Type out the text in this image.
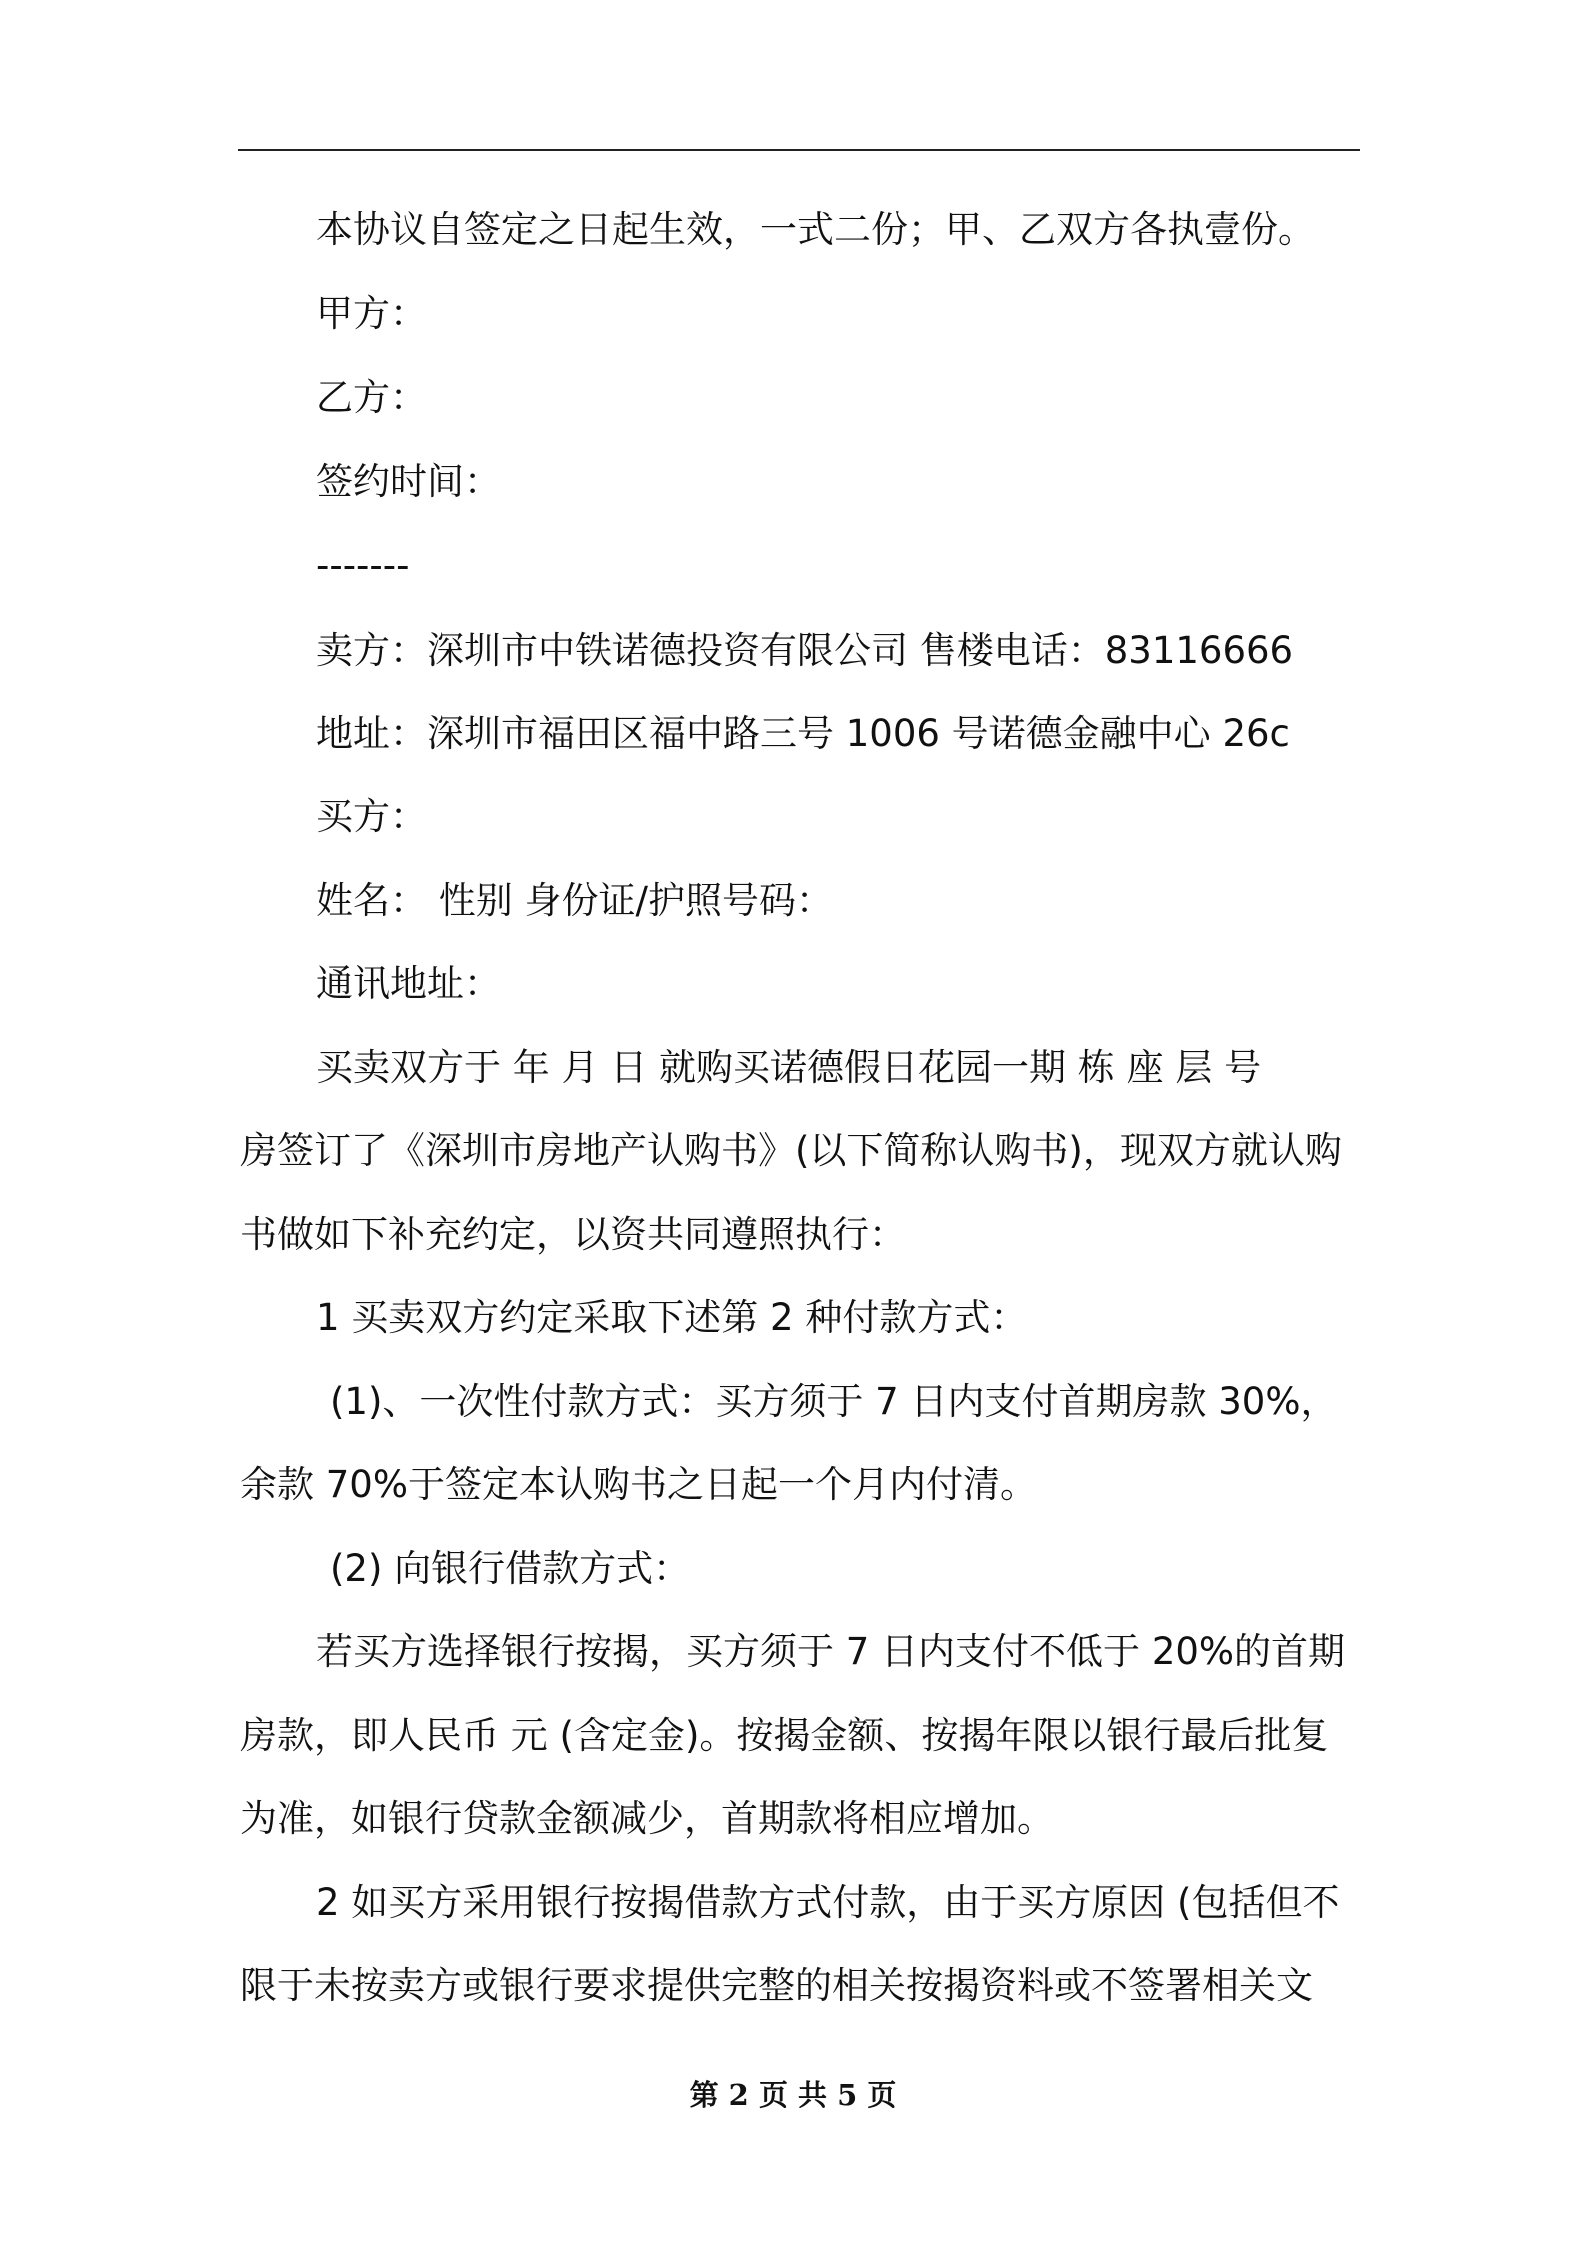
本协议自签定之日起生效，一式二份；甲、乙双方各执壹份。
甲方：
乙方：
签约时间：
-------
卖方：深圳市中铁诺德投资有限公司 售楼电话：83116666
地址：深圳市福田区福中路三号 1006 号诺德金融中心 26c
买方：
姓名： 性别 身份证/护照号码：
通讯地址：
买卖双方于 年 月 日 就购买诺德假日花园一期 栋 座 层 号
房签订了《深圳市房地产认购书》(以下简称认购书)，现双方就认购
书做如下补充约定，以资共同遵照执行：
1 买卖双方约定采取下述第 2 种付款方式：
(1)、一次性付款方式：买方须于 7 日内支付首期房款 30%，
余款 70%于签定本认购书之日起一个月内付清。
(2) 向银行借款方式：
若买方选择银行按揭，买方须于 7 日内支付不低于 20%的首期
房款，即人民币 元 (含定金)。按揭金额、按揭年限以银行最后批复
为准，如银行贷款金额减少，首期款将相应增加。
2 如买方采用银行按揭借款方式付款，由于买方原因 (包括但不
限于未按卖方或银行要求提供完整的相关按揭资料或不签署相关文
第 2 页 共 5 页
